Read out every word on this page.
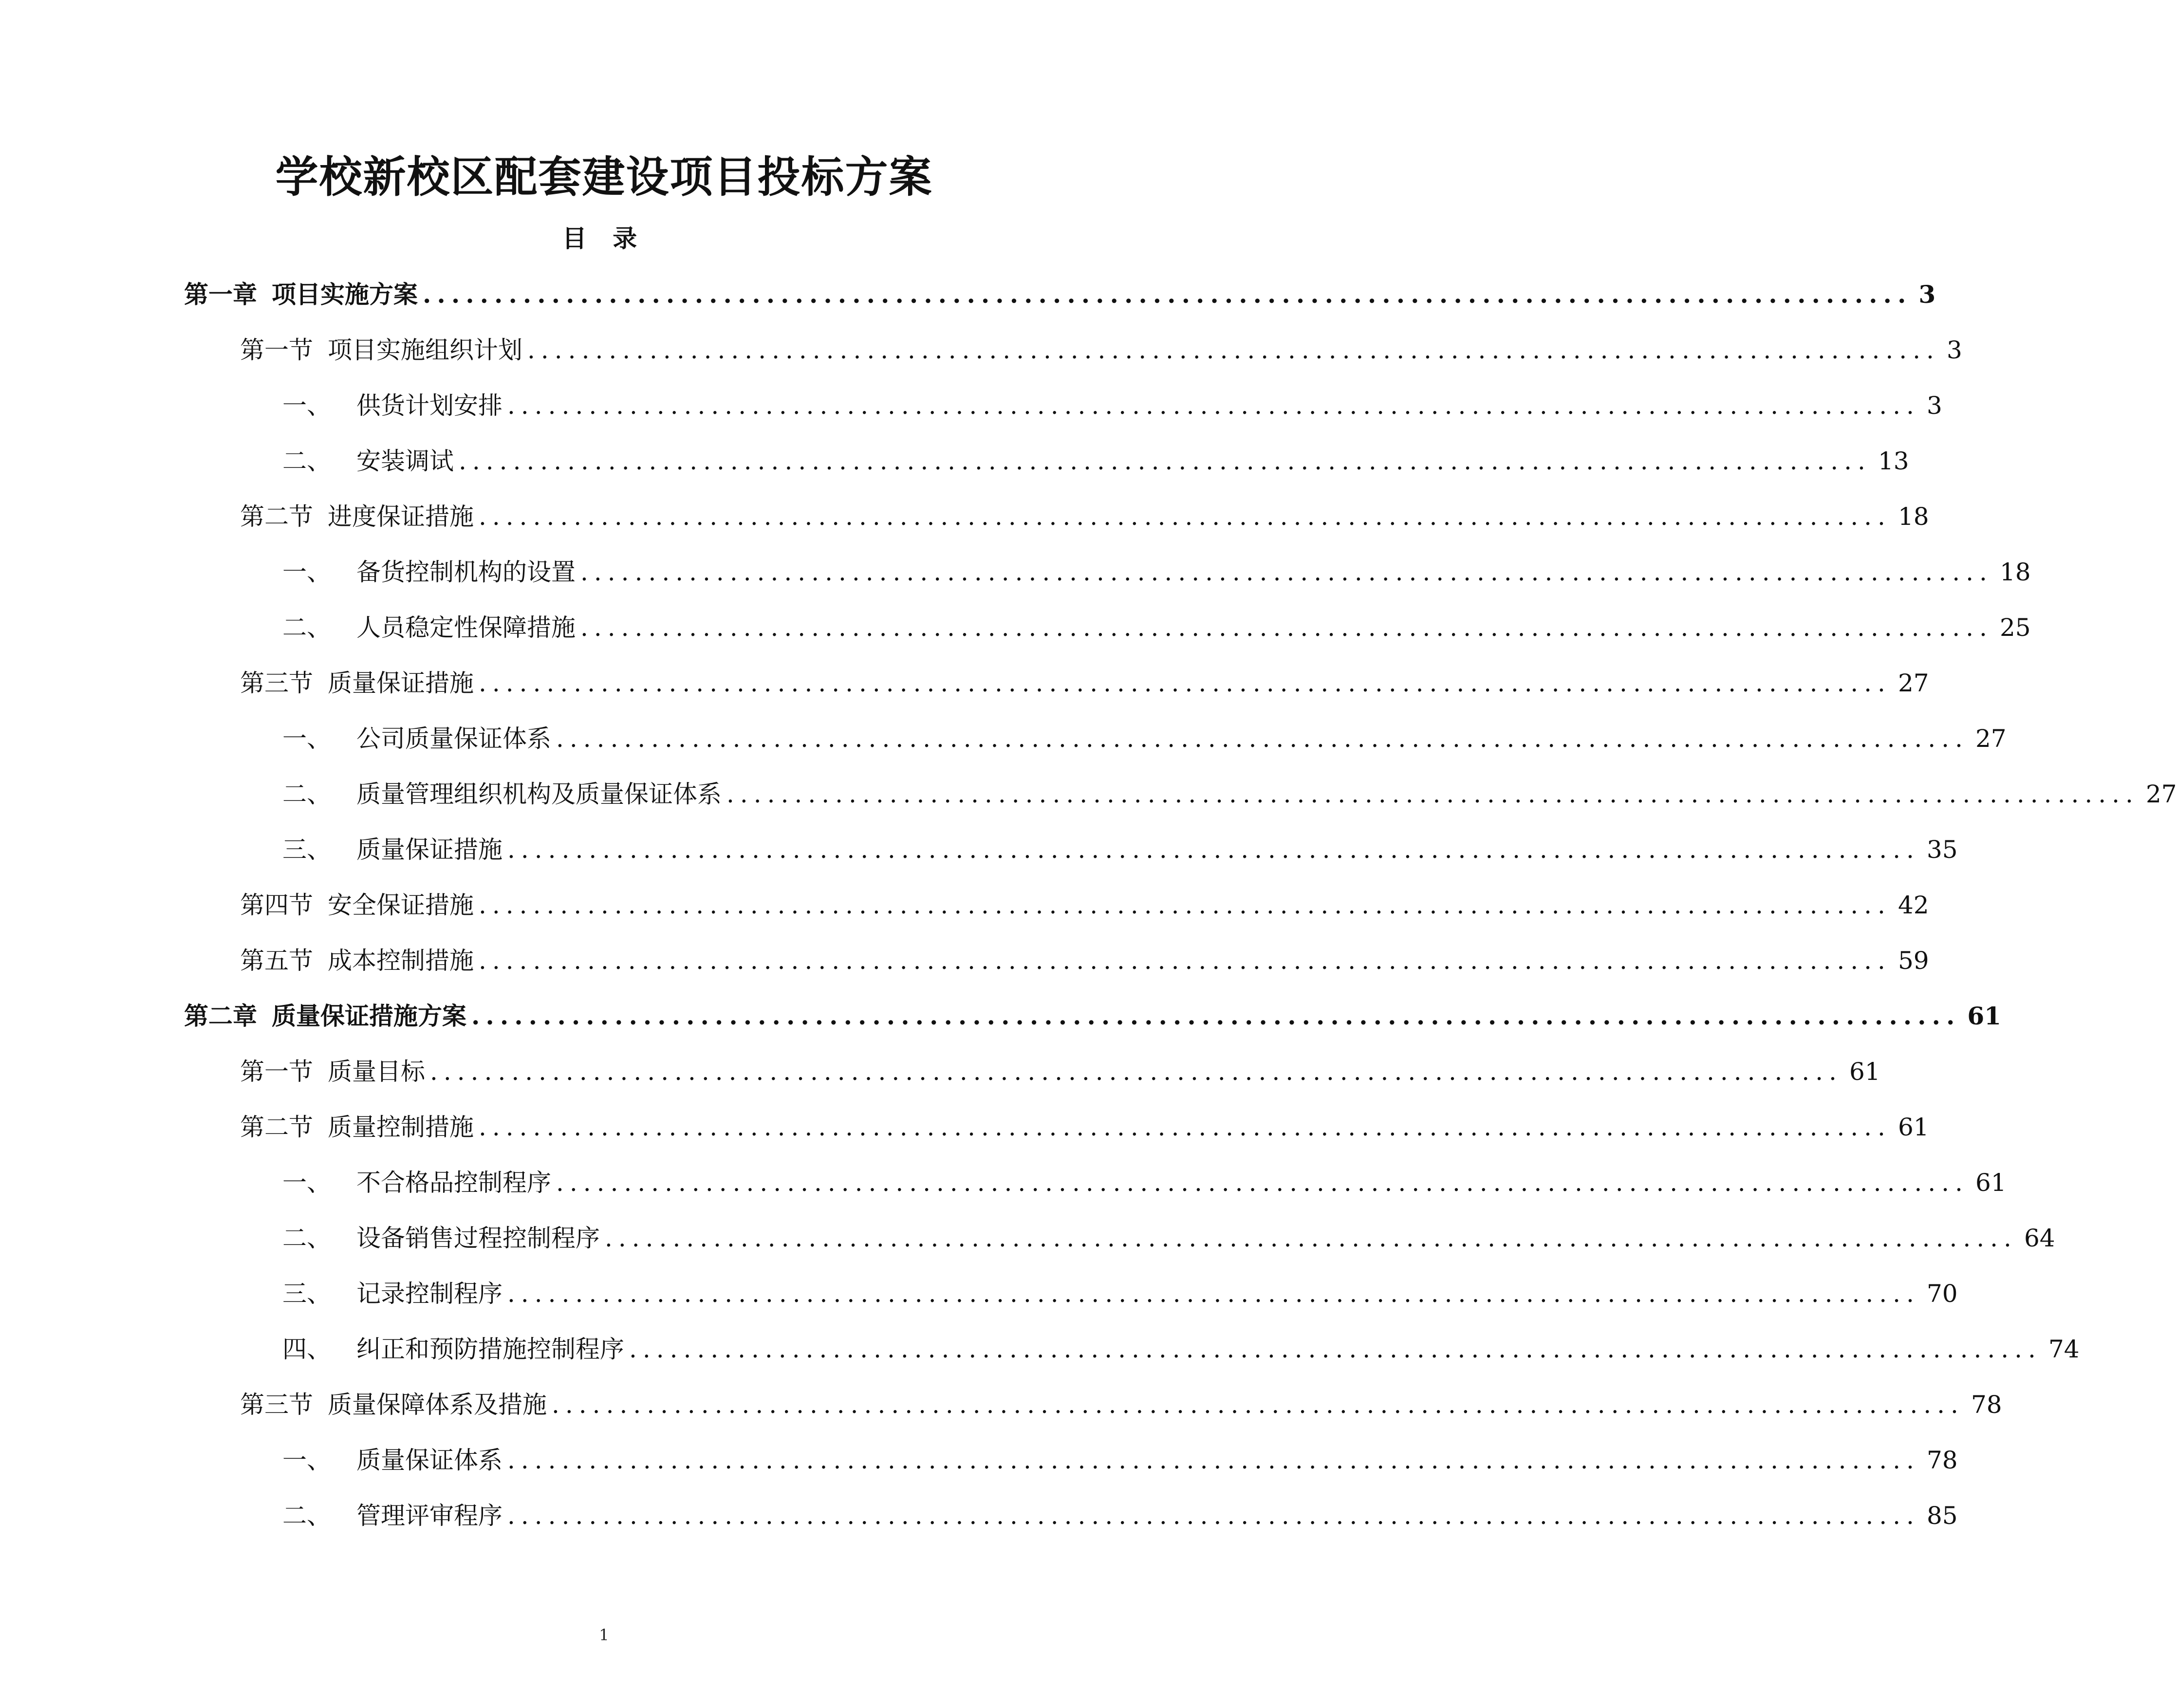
学校新校区配套建设项目投标方案
目 录
第一章 项目实施方案 ........................................................................................................ 3
第一节 项目实施组织计划 ........................................................................................................ 3
一、 供货计划安排 ........................................................................................................ 3
二、 安装调试 ........................................................................................................ 13
第二节 进度保证措施 ........................................................................................................ 18
一、 备货控制机构的设置 ........................................................................................................ 18
二、 人员稳定性保障措施 ........................................................................................................ 25
第三节 质量保证措施 ........................................................................................................ 27
一、 公司质量保证体系 ........................................................................................................ 27
二、 质量管理组织机构及质量保证体系 ........................................................................................................ 27
三、 质量保证措施 ........................................................................................................ 35
第四节 安全保证措施 ........................................................................................................ 42
第五节 成本控制措施 ........................................................................................................ 59
第二章 质量保证措施方案 ........................................................................................................ 61
第一节 质量目标 ........................................................................................................ 61
第二节 质量控制措施 ........................................................................................................ 61
一、 不合格品控制程序 ........................................................................................................ 61
二、 设备销售过程控制程序 ........................................................................................................ 64
三、 记录控制程序 ........................................................................................................ 70
四、 纠正和预防措施控制程序 ........................................................................................................ 74
第三节 质量保障体系及措施 ........................................................................................................ 78
一、 质量保证体系 ........................................................................................................ 78
二、 管理评审程序 ........................................................................................................ 85
1
